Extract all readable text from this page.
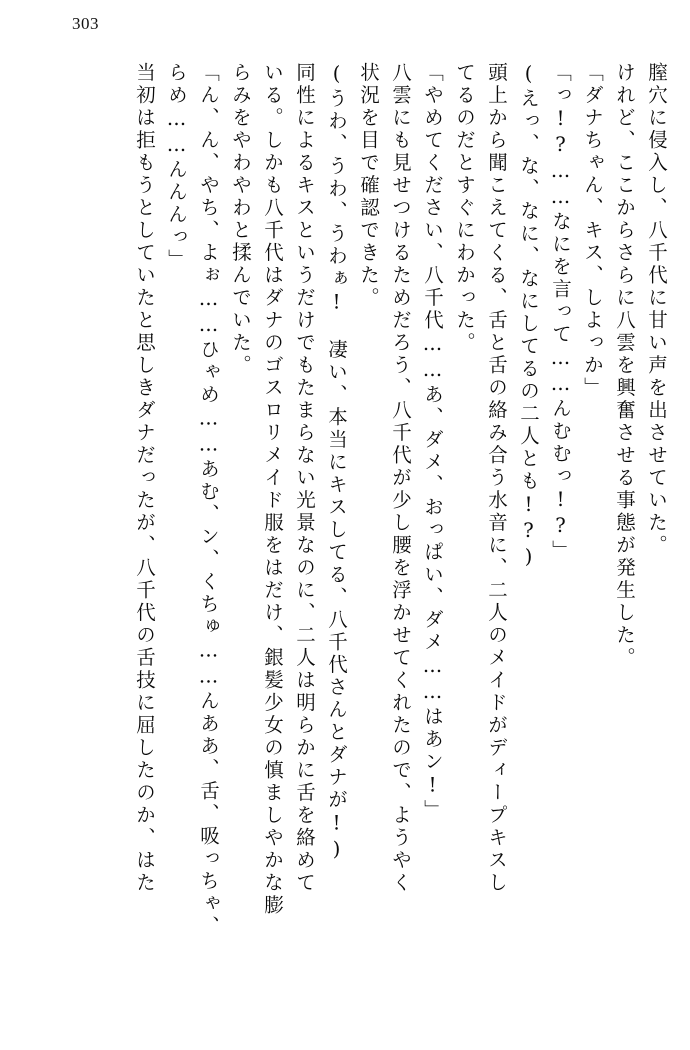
303
膣穴に侵入し、八千代に甘い声を出させていた。
けれど、ここからさらに八雲を興奮させる事態が発生した。
「ダナちゃん、キス、しよっか」
「っ!?……なにを言って……んむむっ!?」
(えっ、な、なに、なにしてるの二人とも!?)
頭上から聞こえてくる、舌と舌の絡み合う水音に、二人のメイドがディープキスし
てるのだとすぐにわかった。
「やめてください、八千代……あ、ダメ、おっぱい、ダメ……はあン!」
八雲にも見せつけるためだろう、八千代が少し腰を浮かせてくれたので、ようやく
状況を目で確認できた。
(うわ、うわ、うわぁ!　凄い、本当にキスしてる、八千代さんとダナが!)
同性によるキスというだけでもたまらない光景なのに、二人は明らかに舌を絡めて
いる。しかも八千代はダナのゴスロリメイド服をはだけ、銀髪少女の慎ましやかな膨
らみをやわやわと揉んでいた。
「ん、ん、やち、よぉ……ひゃめ……あむ、ン、くちゅ……んああ、舌、吸っちゃ、
らめ……んんんっ」
当初は拒もうとしていたと思しきダナだったが、八千代の舌技に屈したのか、はた
